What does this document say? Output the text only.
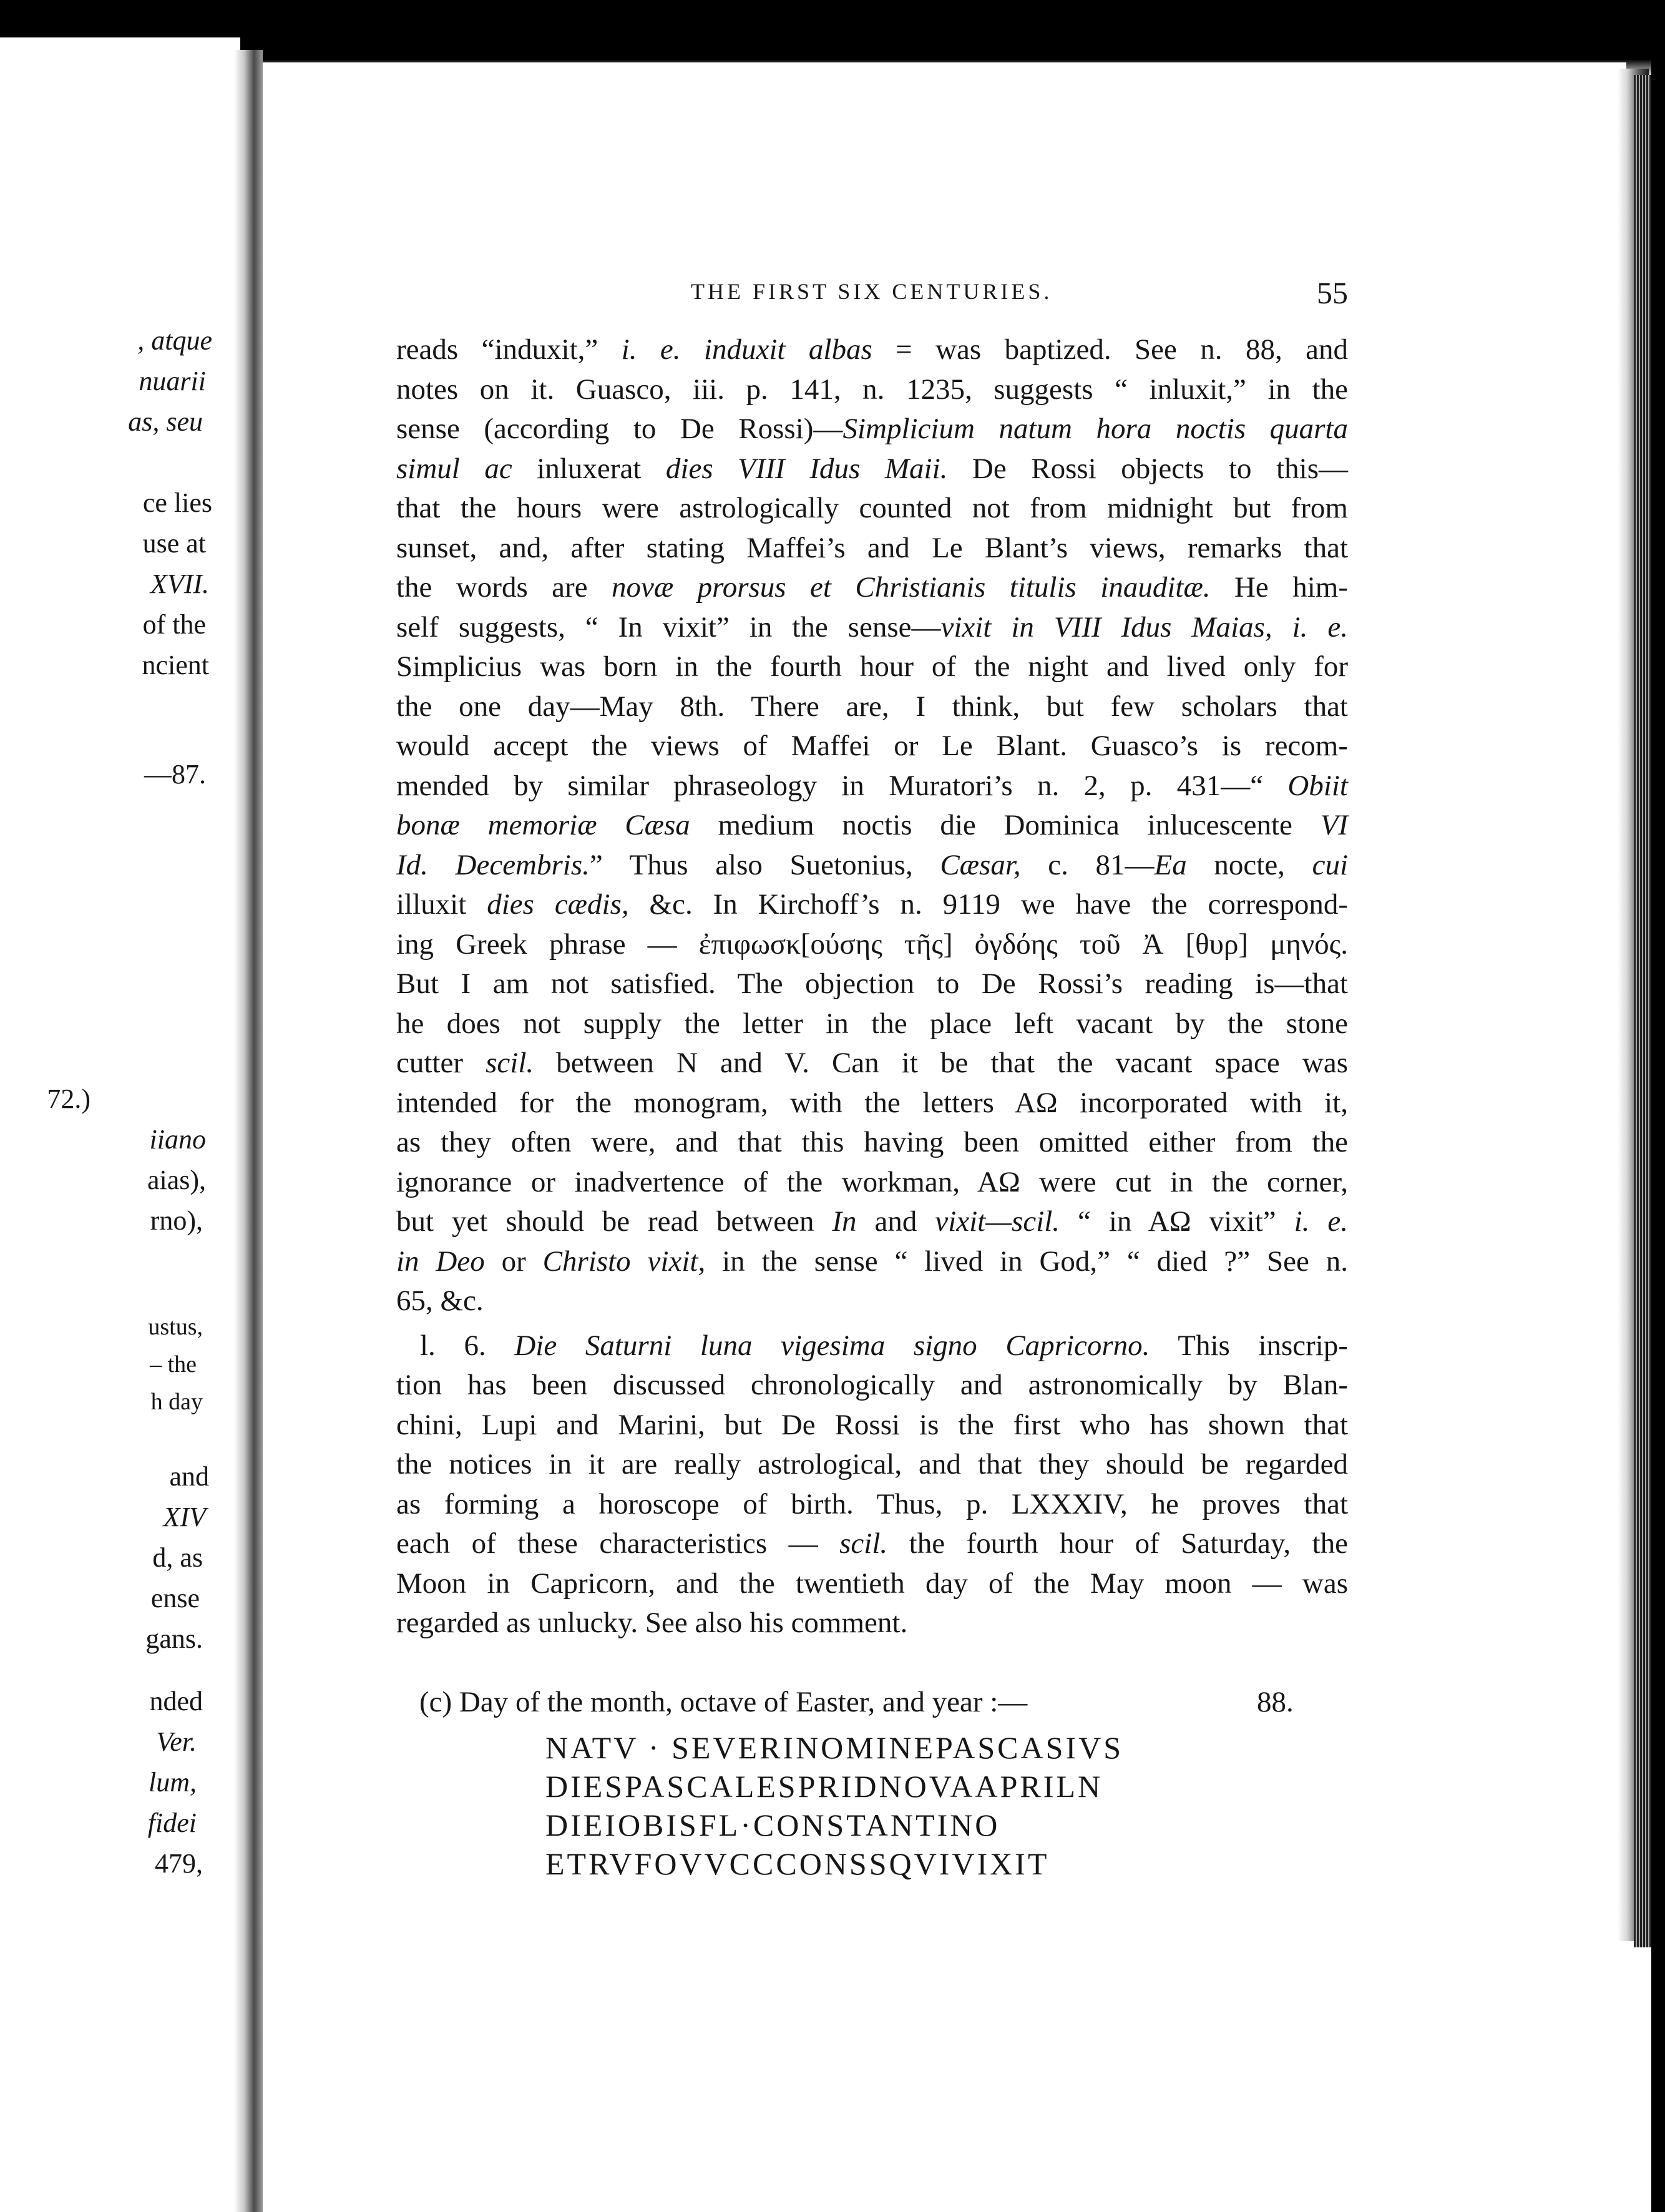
, atque
nuarii
as, seu
ce lies
use at
XVII.
of the
ncient
—87.
72.)
iiano
aias),
rno),
ustus,
– the
h day
and
XIV
d, as
ense
gans.
nded
Ver.
lum,
fidei
479,
THE FIRST SIX CENTURIES.	55
reads “induxit,” i. e. induxit albas = was baptized. See n. 88, and
notes on it. Guasco, iii. p. 141, n. 1235, suggests “ inluxit,” in the
sense (according to De Rossi)—Simplicium natum hora noctis quarta
simul ac inluxerat dies VIII Idus Maii. De Rossi objects to this—
that the hours were astrologically counted not from midnight but from
sunset, and, after stating Maffei’s and Le Blant’s views, remarks that
the words are novæ prorsus et Christianis titulis inauditæ. He him-
self suggests, “ In vixit” in the sense—vixit in VIII Idus Maias, i. e.
Simplicius was born in the fourth hour of the night and lived only for
the one day—May 8th. There are, I think, but few scholars that
would accept the views of Maffei or Le Blant. Guasco’s is recom-
mended by similar phraseology in Muratori’s n. 2, p. 431—“ Obiit
bonæ memoriæ Cæsa medium noctis die Dominica inlucescente VI
Id. Decembris.” Thus also Suetonius, Cæsar, c. 81—Ea nocte, cui
illuxit dies cædis, &c. In Kirchoff’s n. 9119 we have the correspond-
ing Greek phrase — ἐπιφωσκ[ούσης τῆς] ὀγδόης τοῦ Ἀ [θυρ] μηνός.
But I am not satisfied. The objection to De Rossi’s reading is—that
he does not supply the letter in the place left vacant by the stone
cutter scil. between N and V. Can it be that the vacant space was
intended for the monogram, with the letters AΩ incorporated with it,
as they often were, and that this having been omitted either from the
ignorance or inadvertence of the workman, AΩ were cut in the corner,
but yet should be read between In and vixit—scil. “ in AΩ vixit” i. e.
in Deo or Christo vixit, in the sense “ lived in God,” “ died ?” See n.
65, &c.
l. 6. Die Saturni luna vigesima signo Capricorno. This inscrip-
tion has been discussed chronologically and astronomically by Blan-
chini, Lupi and Marini, but De Rossi is the first who has shown that
the notices in it are really astrological, and that they should be regarded
as forming a horoscope of birth. Thus, p. LXXXIV, he proves that
each of these characteristics — scil. the fourth hour of Saturday, the
Moon in Capricorn, and the twentieth day of the May moon — was
regarded as unlucky. See also his comment.
(c) Day of the month, octave of Easter, and year :—	88.
NATV · SEVERINOMINEPASCASIVS
DIESPASCALESPRIDNOVAAPRILN
DIEIOBISFL·CONSTANTINO
ETRVFOVVCCCONSSQVIVIXIT
